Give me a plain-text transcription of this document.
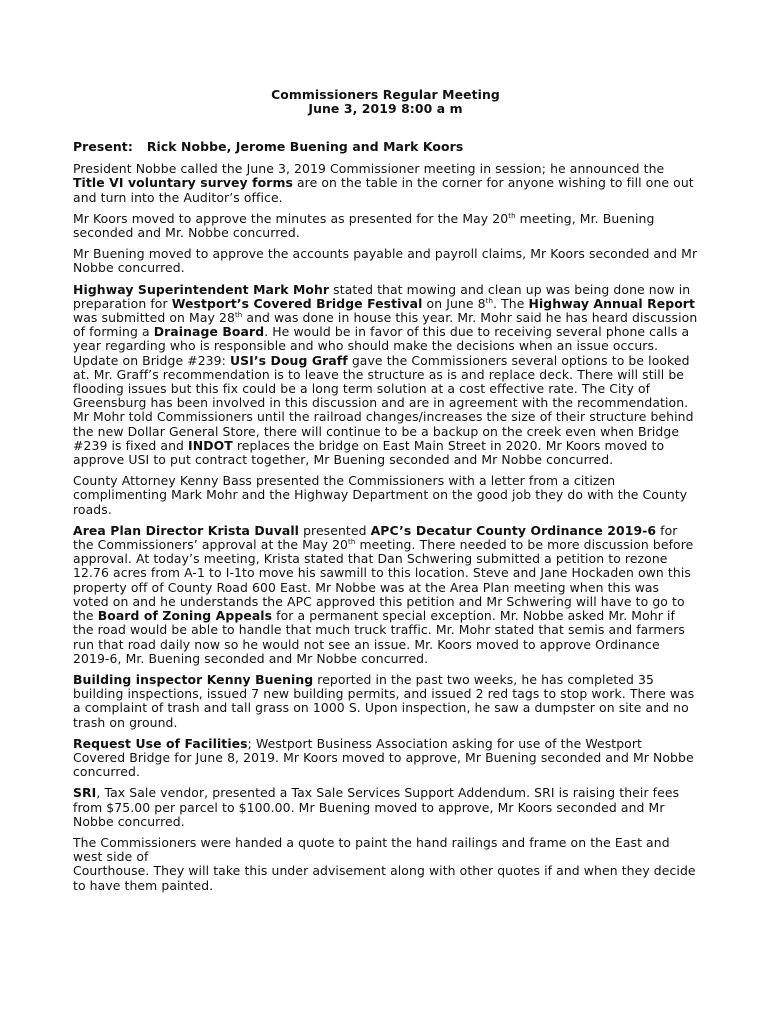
Commissioners Regular Meeting
June 3, 2019 8:00 a m
Present: Rick Nobbe, Jerome Buening and Mark Koors

President Nobbe called the June 3, 2019 Commissioner meeting in session; he announced the Title VI voluntary survey forms are on the table in the corner for anyone wishing to fill one out and turn into the Auditor’s office.

Mr Koors moved to approve the minutes as presented for the May 20th meeting, Mr. Buening seconded and Mr. Nobbe concurred.

Mr Buening moved to approve the accounts payable and payroll claims, Mr Koors seconded and Mr Nobbe concurred.

Highway Superintendent Mark Mohr stated that mowing and clean up was being done now in preparation for Westport’s Covered Bridge Festival on June 8th. The Highway Annual Report was submitted on May 28th and was done in house this year. Mr. Mohr said he has heard discussion of forming a Drainage Board. He would be in favor of this due to receiving several phone calls a year regarding who is responsible and who should make the decisions when an issue occurs. Update on Bridge #239: USI’s Doug Graff gave the Commissioners several options to be looked at. Mr. Graff’s recommendation is to leave the structure as is and replace deck. There will still be flooding issues but this fix could be a long term solution at a cost effective rate. The City of Greensburg has been involved in this discussion and are in agreement with the recommendation. Mr Mohr told Commissioners until the railroad changes/increases the size of their structure behind the new Dollar General Store, there will continue to be a backup on the creek even when Bridge #239 is fixed and INDOT replaces the bridge on East Main Street in 2020. Mr Koors moved to approve USI to put contract together, Mr Buening seconded and Mr Nobbe concurred.

County Attorney Kenny Bass presented the Commissioners with a letter from a citizen complimenting Mark Mohr and the Highway Department on the good job they do with the County roads.

Area Plan Director Krista Duvall presented APC’s Decatur County Ordinance 2019-6 for the Commissioners’ approval at the May 20th meeting. There needed to be more discussion before approval. At today’s meeting, Krista stated that Dan Schwering submitted a petition to rezone 12.76 acres from A-1 to I-1to move his sawmill to this location. Steve and Jane Hockaden own this property off of County Road 600 East. Mr Nobbe was at the Area Plan meeting when this was voted on and he understands the APC approved this petition and Mr Schwering will have to go to the Board of Zoning Appeals for a permanent special exception. Mr. Nobbe asked Mr. Mohr if the road would be able to handle that much truck traffic. Mr. Mohr stated that semis and farmers run that road daily now so he would not see an issue. Mr. Koors moved to approve Ordinance 2019-6, Mr. Buening seconded and Mr Nobbe concurred.

Building inspector Kenny Buening reported in the past two weeks, he has completed 35 building inspections, issued 7 new building permits, and issued 2 red tags to stop work. There was a complaint of trash and tall grass on 1000 S. Upon inspection, he saw a dumpster on site and no trash on ground.

Request Use of Facilities; Westport Business Association asking for use of the Westport Covered Bridge for June 8, 2019. Mr Koors moved to approve, Mr Buening seconded and Mr Nobbe concurred.

SRI, Tax Sale vendor, presented a Tax Sale Services Support Addendum. SRI is raising their fees from $75.00 per parcel to $100.00. Mr Buening moved to approve, Mr Koors seconded and Mr Nobbe concurred.

The Commissioners were handed a quote to paint the hand railings and frame on the East and west side of
Courthouse. They will take this under advisement along with other quotes if and when they decide to have them painted.
